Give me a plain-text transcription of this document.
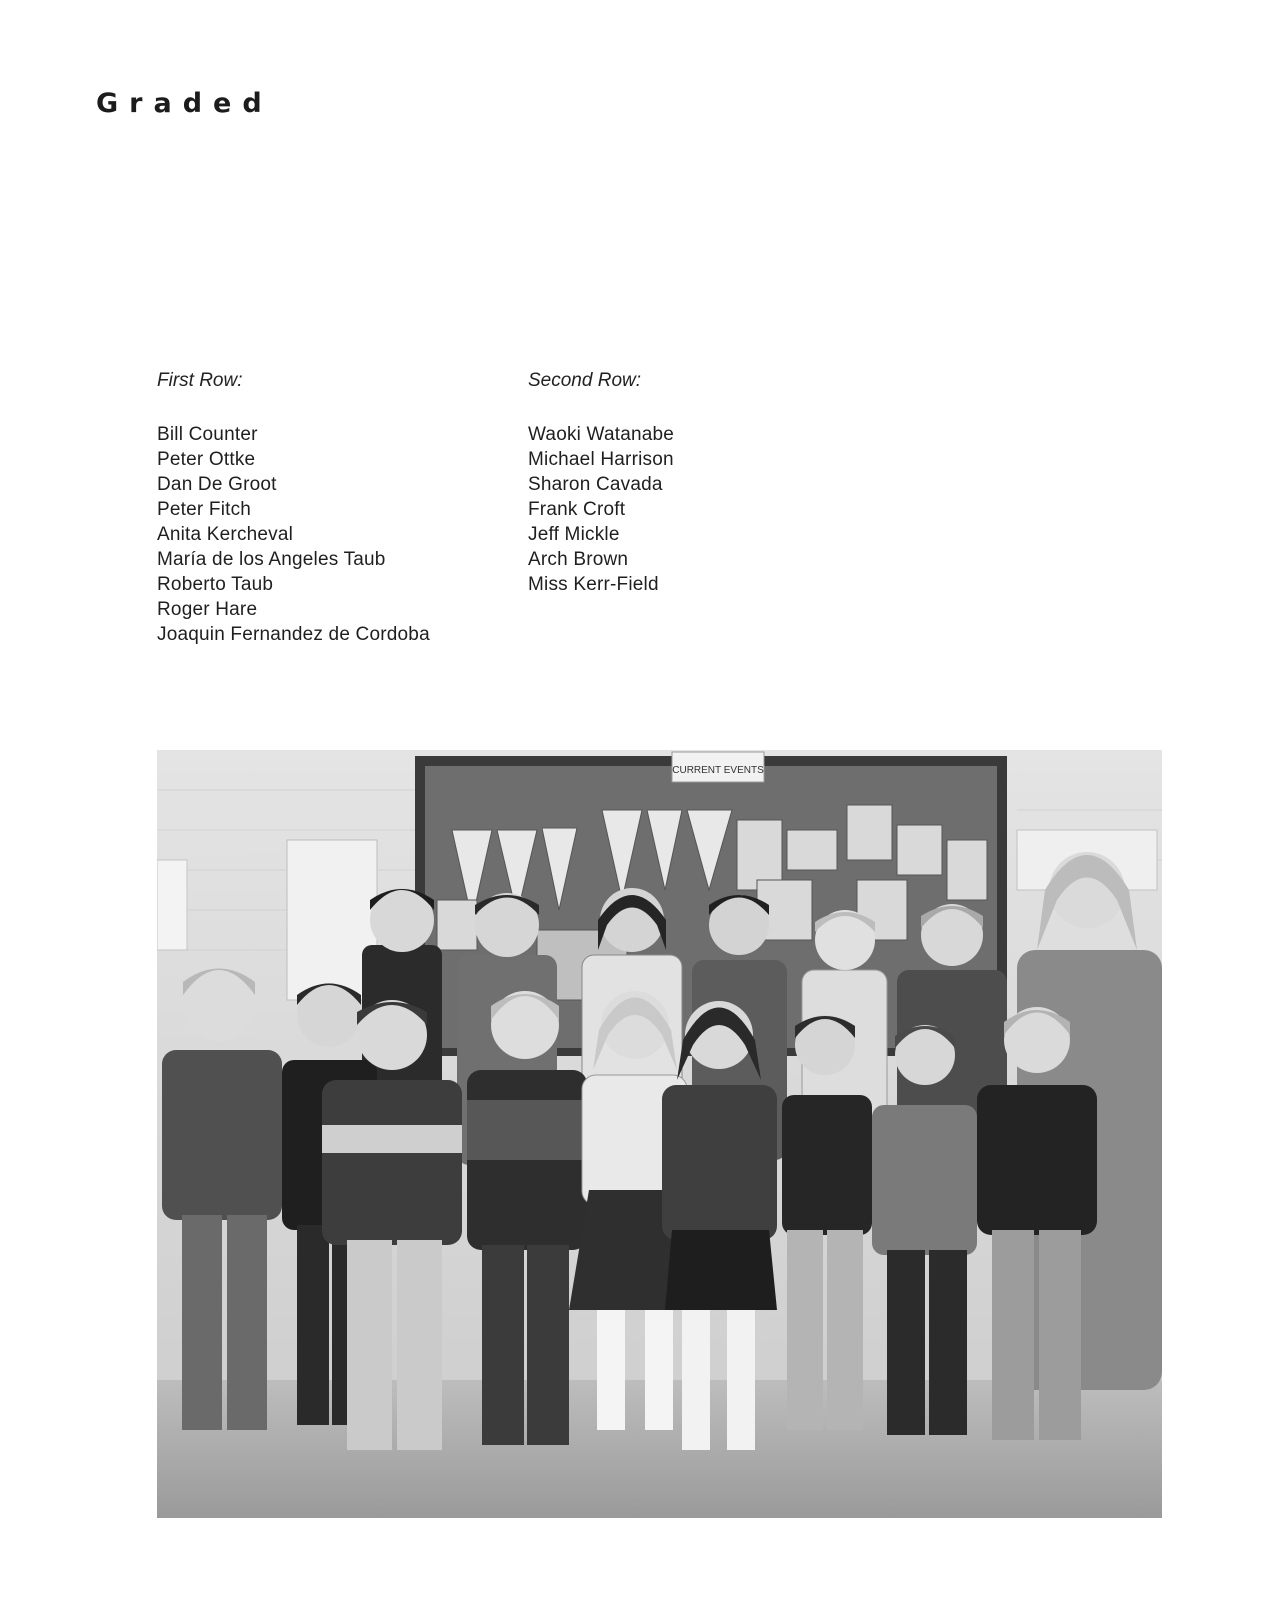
Graded
First Row:
Bill Counter
Peter Ottke
Dan De Groot
Peter Fitch
Anita Kercheval
María de los Angeles Taub
Roberto Taub
Roger Hare
Joaquin Fernandez de Cordoba
Second Row:
Waoki Watanabe
Michael Harrison
Sharon Cavada
Frank Croft
Jeff Mickle
Arch Brown
Miss Kerr-Field
CURRENT EVENTS
